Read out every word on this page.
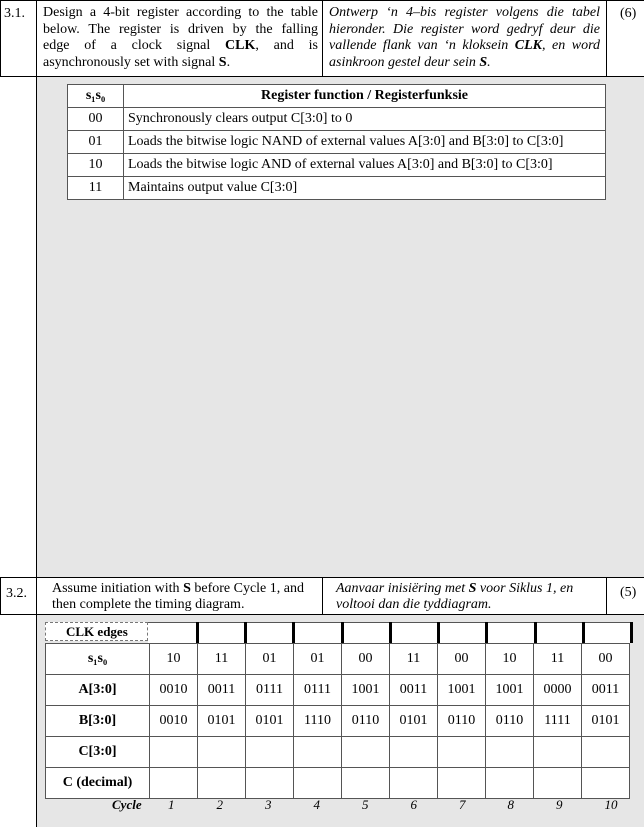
3.1. Design a 4-bit register according to the table
below. The register is driven by the falling
edge of a clock signal CLK, and is
asynchronously set with signal S.
Ontwerp ‘n 4–bis register volgens die tabel
hieronder. Die register word gedryf deur die
vallende flank van ‘n kloksein CLK, en word
asinkroon gestel deur sein S.
(6)
s₁s₀	Register function / Registerfunksie
00	Synchronously clears output C[3:0] to 0
01	Loads the bitwise logic NAND of external values A[3:0] and B[3:0] to C[3:0]
10	Loads the bitwise logic AND of external values A[3:0] and B[3:0] to C[3:0]
11	Maintains output value C[3:0]
3.2. Assume initiation with S before Cycle 1, and
then complete the timing diagram.
Aanvaar inisiëring met S voor Siklus 1, en
voltooi dan die tyddiagram.
(5)
CLK edges
s₁s₀	10	11	01	01	00	11	00	10	11	00
A[3:0]	0010	0011	0111	0111	1001	0011	1001	1001	0000	0011
B[3:0]	0010	0101	0101	1110	0110	0101	0110	0110	1111	0101
C[3:0]										
C (decimal)										
Cycle 1	2	3	4	5	6	7	8	9	10
